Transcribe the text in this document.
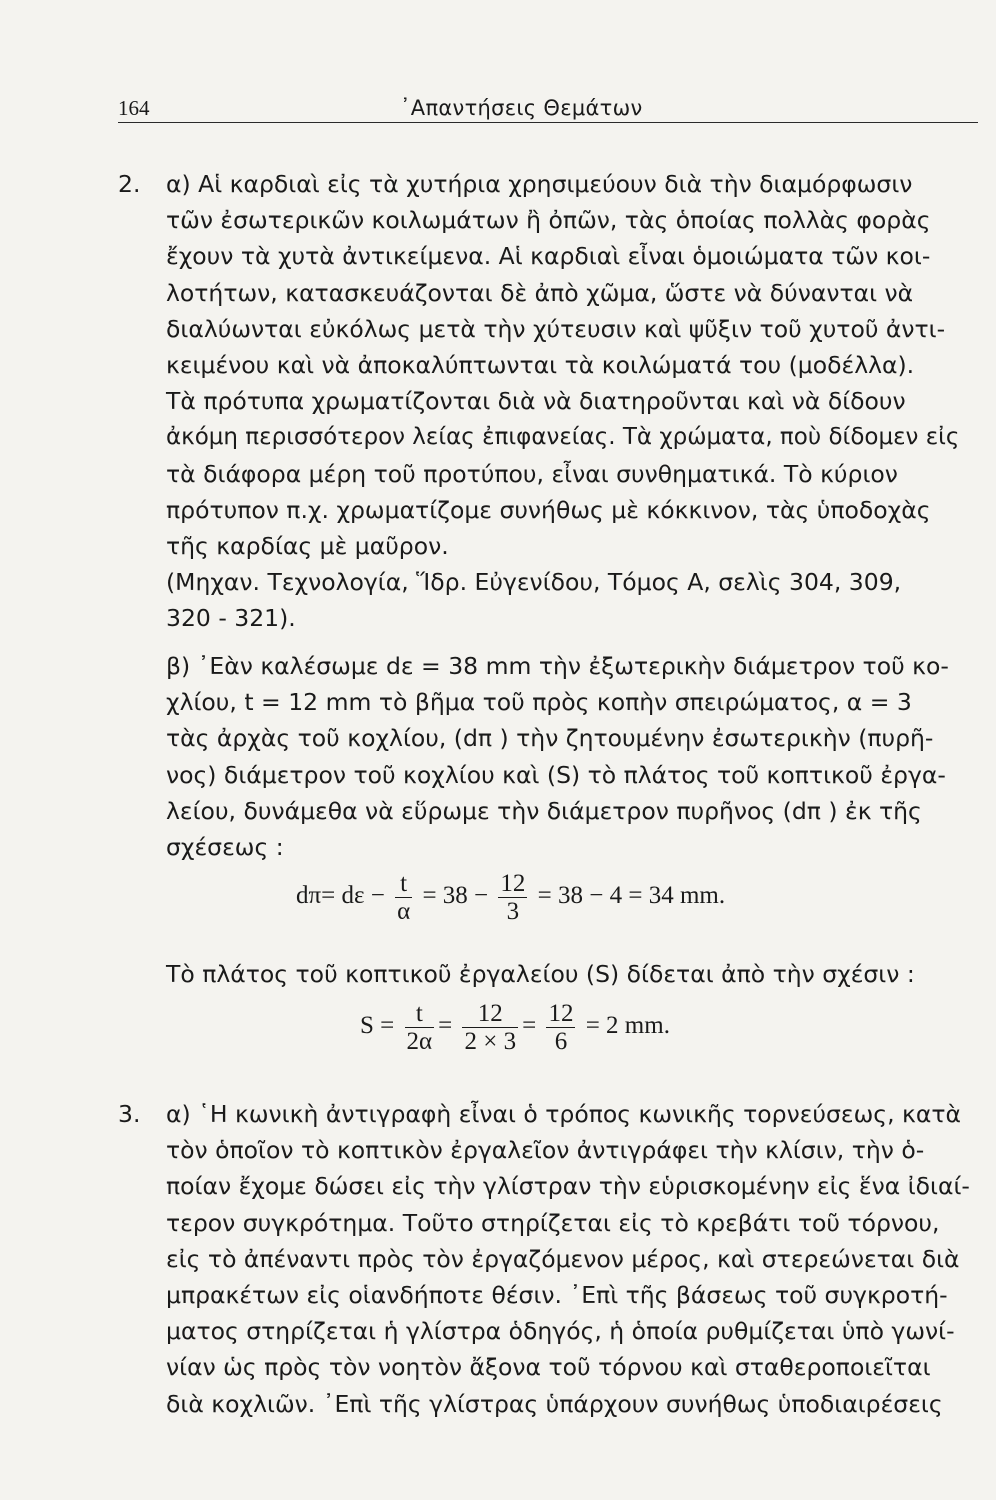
164	᾿Απαντήσεις Θεμάτων
2. α) Αἱ καρδιαὶ εἰς τὰ χυτήρια χρησιμεύουν διὰ τὴν διαμόρφωσιν
τῶν ἐσωτερικῶν κοιλωμάτων ἢ ὀπῶν, τὰς ὁποίας πολλὰς φορὰς
ἔχουν τὰ χυτὰ ἀντικείμενα. Αἱ καρδιαὶ εἶναι ὁμοιώματα τῶν κοι-
λοτήτων, κατασκευάζονται δὲ ἀπὸ χῶμα, ὥστε νὰ δύνανται νὰ
διαλύωνται εὐκόλως μετὰ τὴν χύτευσιν καὶ ψῦξιν τοῦ χυτοῦ ἀντι-
κειμένου καὶ νὰ ἀποκαλύπτωνται τὰ κοιλώματά του (μοδέλλα).
Τὰ πρότυπα χρωματίζονται διὰ νὰ διατηροῦνται καὶ νὰ δίδουν
ἀκόμη περισσότερον λείας ἐπιφανείας. Τὰ χρώματα, ποὺ δίδομεν εἰς
τὰ διάφορα μέρη τοῦ προτύπου, εἶναι συνθηματικά. Τὸ κύριον
πρότυπον π.χ. χρωματίζομε συνήθως μὲ κόκκινον, τὰς ὑποδοχὰς
τῆς καρδίας μὲ μαῦρον.
(Μηχαν. Τεχνολογία, Ἵδρ. Εὐγενίδου, Τόμος Α, σελὶς 304, 309,
320 - 321).
β) ᾿Εὰν καλέσωμε dε = 38 mm τὴν ἐξωτερικὴν διάμετρον τοῦ κο-
χλίου, t = 12 mm τὸ βῆμα τοῦ πρὸς κοπὴν σπειρώματος, α = 3
τὰς ἀρχὰς τοῦ κοχλίου, (dπ ) τὴν ζητουμένην ἐσωτερικὴν (πυρῆ-
νος) διάμετρον τοῦ κοχλίου καὶ (S) τὸ πλάτος τοῦ κοπτικοῦ ἐργα-
λείου, δυνάμεθα νὰ εὕρωμε τὴν διάμετρον πυρῆνος (dπ ) ἐκ τῆς
σχέσεως :
$d\pi= d\varepsilon - \frac{t}{\alpha} = 38 - \frac{12}{3} = 38 - 4 = 34$ mm.
Τὸ πλάτος τοῦ κοπτικοῦ ἐργαλείου (S) δίδεται ἀπὸ τὴν σχέσιν :
$S = \frac{t}{2\alpha} = \frac{12}{2 \times 3} = \frac{12}{6} = 2$ mm.
3. α) ῾Η κωνικὴ ἀντιγραφὴ εἶναι ὁ τρόπος κωνικῆς τορνεύσεως, κατὰ
τὸν ὁποῖον τὸ κοπτικὸν ἐργαλεῖον ἀντιγράφει τὴν κλίσιν, τὴν ὁ-
ποίαν ἔχομε δώσει εἰς τὴν γλίστραν τὴν εὑρισκομένην εἰς ἕνα ἰδιαί-
τερον συγκρότημα. Τοῦτο στηρίζεται εἰς τὸ κρεβάτι τοῦ τόρνου,
εἰς τὸ ἀπέναντι πρὸς τὸν ἐργαζόμενον μέρος, καὶ στερεώνεται διὰ
μπρακέτων εἰς οἱανδήποτε θέσιν. ᾿Επὶ τῆς βάσεως τοῦ συγκροτή-
ματος στηρίζεται ἡ γλίστρα ὁδηγός, ἡ ὁποία ρυθμίζεται ὑπὸ γωνί-
νίαν ὡς πρὸς τὸν νοητὸν ἄξονα τοῦ τόρνου καὶ σταθεροποιεῖται
διὰ κοχλιῶν. ᾿Επὶ τῆς γλίστρας ὑπάρχουν συνήθως ὑποδιαιρέσεις
